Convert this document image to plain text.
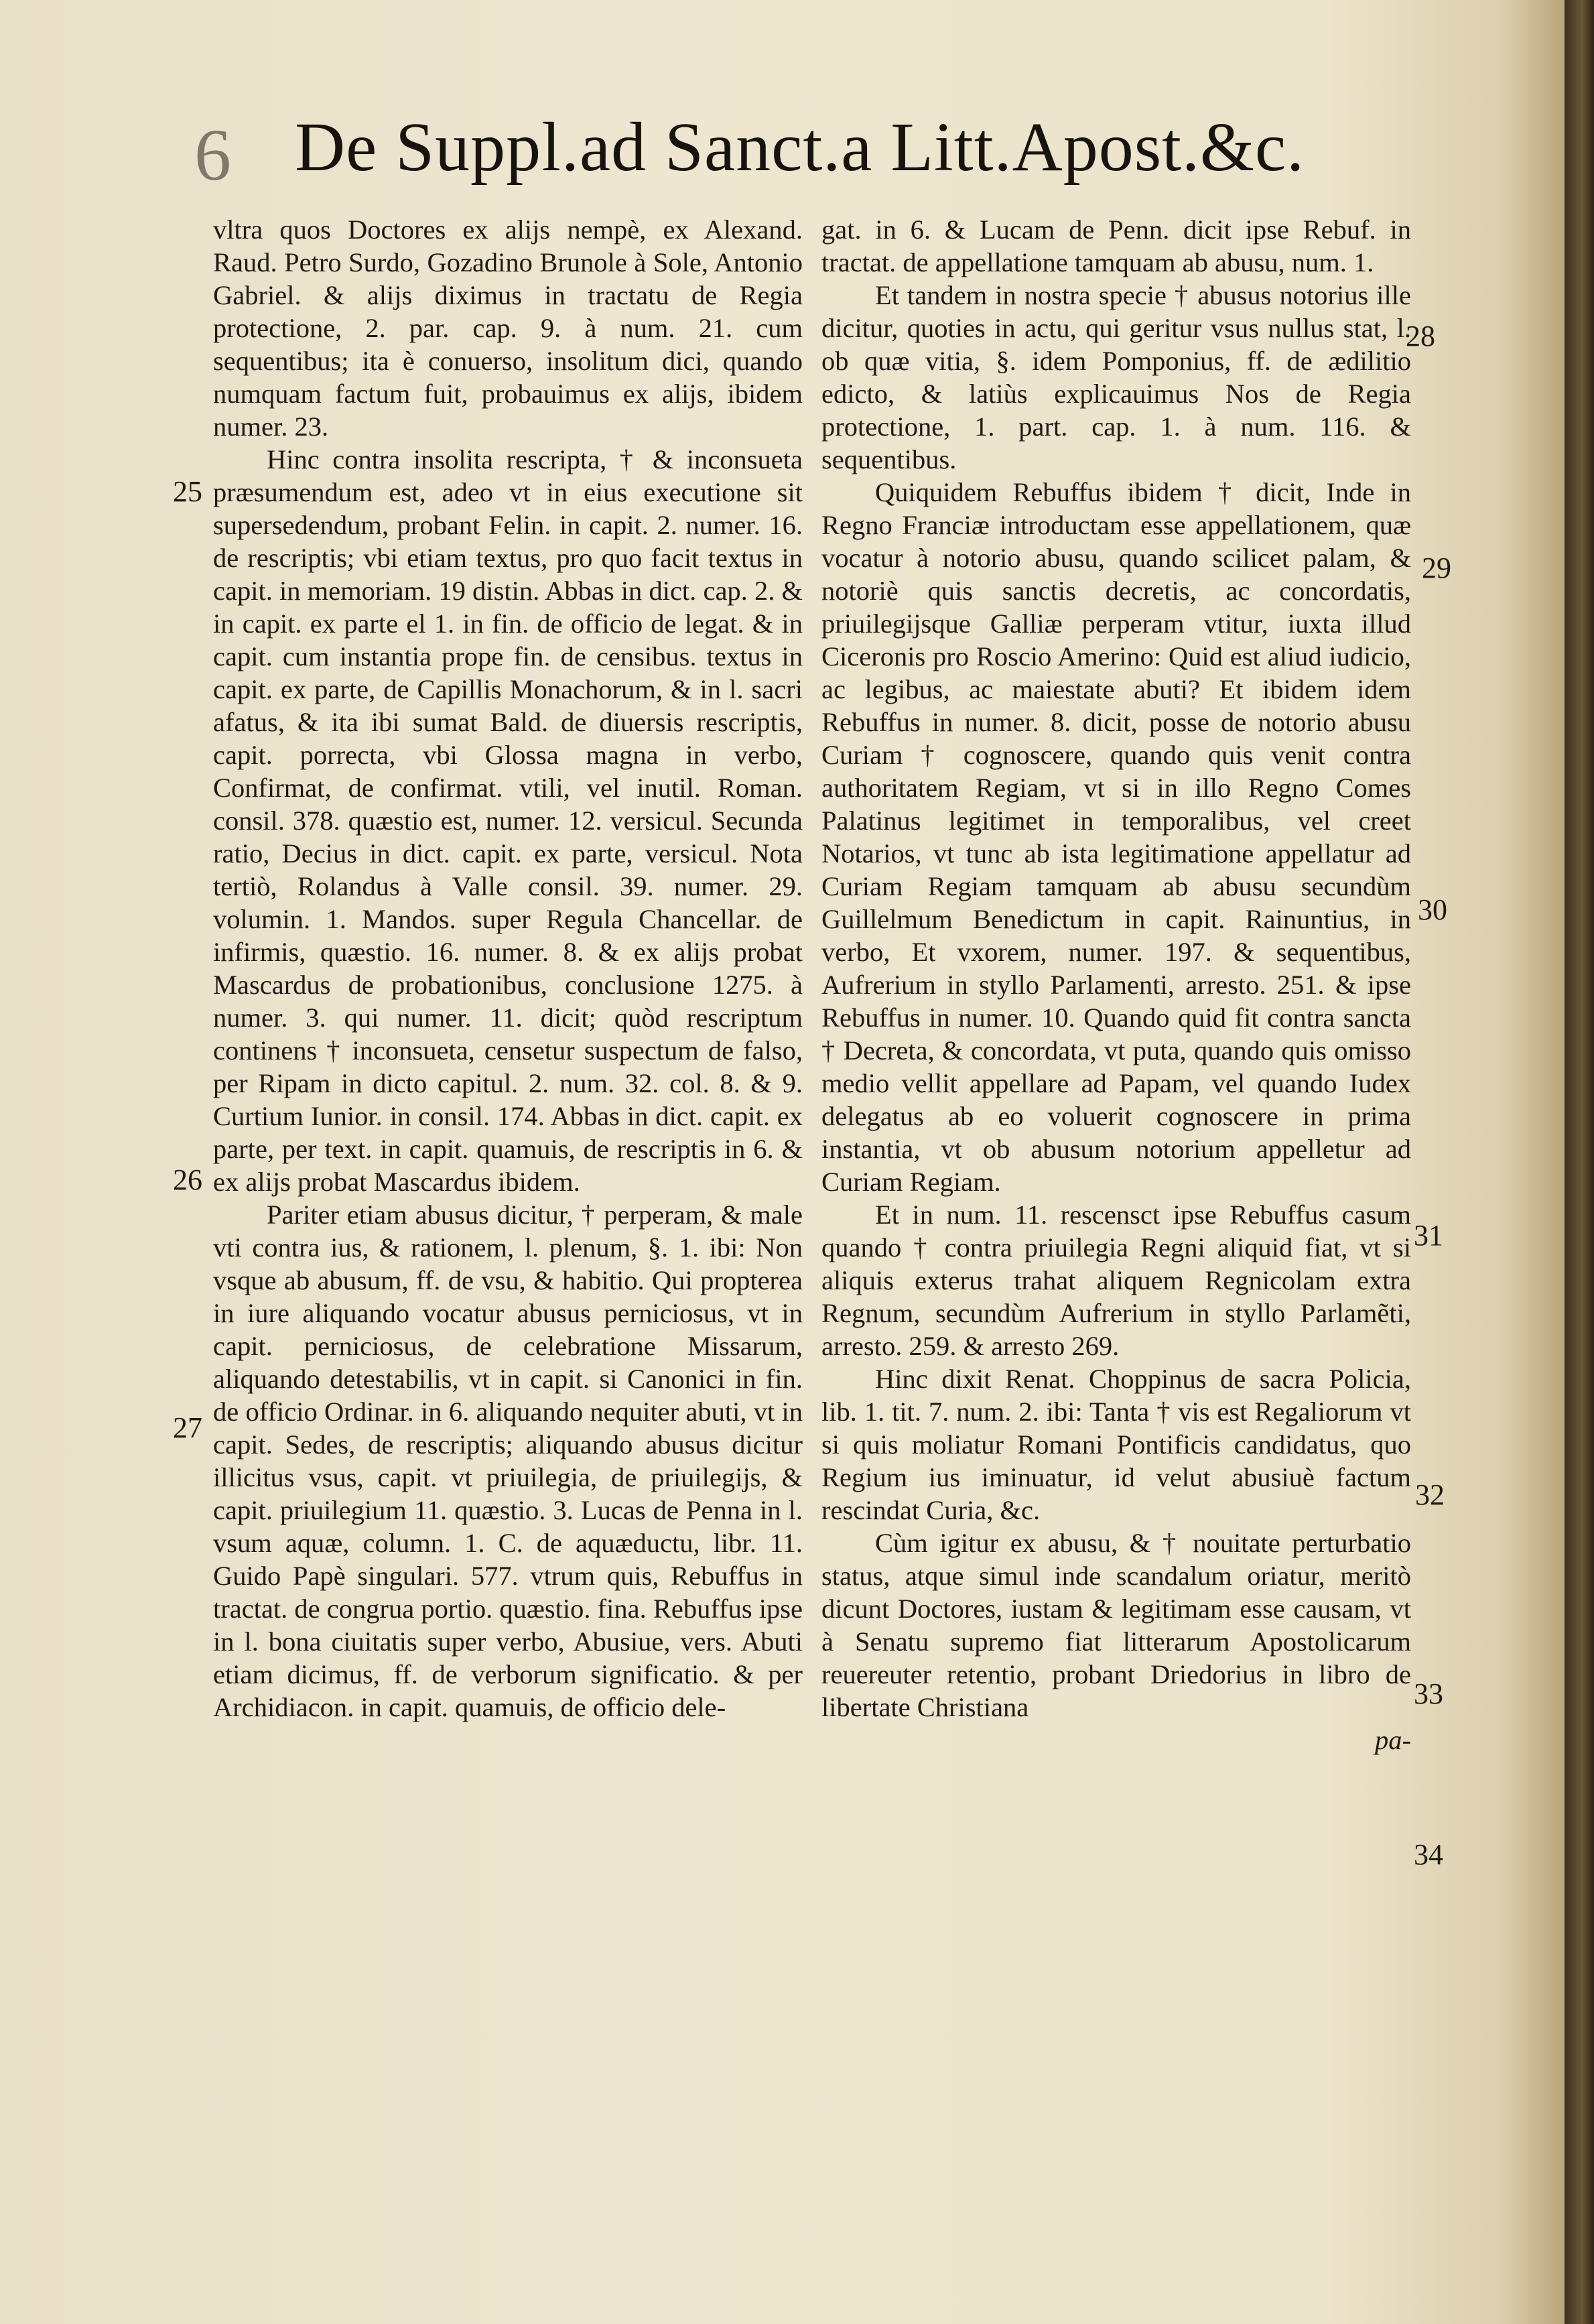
6 De Suppl.ad Sanct.a Litt.Apost.&c.

vltra quos Doctores ex alijs nempè, ex Alexand. Raud. Petro Surdo, Gozadino Brunole à Sole, Antonio Gabriel. & alijs diximus in tractatu de Regia protectione, 2. par. cap. 9. à num. 21. cum sequentibus; ita è conuerso, insolitum dici, quando numquam factum fuit, probauimus ex alijs, ibidem numer. 23.

Hinc contra insolita rescripta, † & inconsueta præsumendum est, adeo vt in eius executione sit supersedendum, probant Felin. in capit. 2. numer. 16. de rescriptis; vbi etiam textus, pro quo facit textus in capit. in memoriam. 19 distin. Abbas in dict. cap. 2. & in capit. ex parte el 1. in fin. de officio de legat. & in capit. cum instantia prope fin. de censibus. textus in capit. ex parte, de Capillis Monachorum, & in l. sacri afatus, & ita ibi sumat Bald. de diuersis rescriptis, capit. porrecta, vbi Glossa magna in verbo, Confirmat, de confirmat. vtili, vel inutil. Roman. consil. 378. quæstio est, numer. 12. versicul. Secunda ratio, Decius in dict. capit. ex parte, versicul. Nota tertiò, Rolandus à Valle consil. 39. numer. 29. volumin. 1. Mandos. super Regula Chancellar. de infirmis, quæstio. 16. numer. 8. & ex alijs probat Mascardus de probationibus, conclusione 1275. à numer. 3. qui numer. 11. dicit; quòd rescriptum continens † inconsueta, censetur suspectum de falso, per Ripam in dicto capitul. 2. num. 32. col. 8. & 9. Curtium Iunior. in consil. 174. Abbas in dict. capit. ex parte, per text. in capit. quamuis, de rescriptis in 6. & ex alijs probat Mascardus ibidem.

Pariter etiam abusus dicitur, † perperam, & male vti contra ius, & rationem, l. plenum, §. 1. ibi: Non vsque ab abusum, ff. de vsu, & habitio. Qui propterea in iure aliquando vocatur abusus perniciosus, vt in capit. perniciosus, de celebratione Missarum, aliquando detestabilis, vt in capit. si Canonici in fin. de officio Ordinar. in 6. aliquando nequiter abuti, vt in capit. Sedes, de rescriptis; aliquando abusus dicitur illicitus vsus, capit. vt priuilegia, de priuilegijs, & capit. priuilegium 11. quæstio. 3. Lucas de Penna in l. vsum aquæ, column. 1. C. de aquæductu, libr. 11. Guido Papè singulari. 577. vtrum quis, Rebuffus in tractat. de congrua portio. quæstio. fina. Rebuffus ipse in l. bona ciuitatis super verbo, Abusiue, vers. Abuti etiam dicimus, ff. de verborum significatio. & per Archidiacon. in capit. quamuis, de officio dele-

gat. in 6. & Lucam de Penn. dicit ipse Rebuf. in tractat. de appellatione tamquam ab abusu, num. 1.

Et tandem in nostra specie † abusus notorius ille dicitur, quoties in actu, qui geritur vsus nullus stat, l. ob quæ vitia, §. idem Pomponius, ff. de ædilitio edicto, & latiùs explicauimus Nos de Regia protectione, 1. part. cap. 1. à num. 116. & sequentibus.

Quiquidem Rebuffus ibidem † dicit, Inde in Regno Franciæ introductam esse appellationem, quæ vocatur à notorio abusu, quando scilicet palam, & notoriè quis sanctis decretis, ac concordatis, priuilegijsque Galliæ perperam vtitur, iuxta illud Ciceronis pro Roscio Amerino: Quid est aliud iudicio, ac legibus, ac maiestate abuti? Et ibidem idem Rebuffus in numer. 8. dicit, posse de notorio abusu Curiam † cognoscere, quando quis venit contra authoritatem Regiam, vt si in illo Regno Comes Palatinus legitimet in temporalibus, vel creet Notarios, vt tunc ab ista legitimatione appellatur ad Curiam Regiam tamquam ab abusu secundùm Guillelmum Benedictum in capit. Rainuntius, in verbo, Et vxorem, numer. 197. & sequentibus, Aufrerium in styllo Parlamenti, arresto. 251. & ipse Rebuffus in numer. 10. Quando quid fit contra sancta † Decreta, & concordata, vt puta, quando quis omisso medio vellit appellare ad Papam, vel quando Iudex delegatus ab eo voluerit cognoscere in prima instantia, vt ob abusum notorium appelletur ad Curiam Regiam.

Et in num. 11. rescensct ipse Rebuffus casum quando † contra priuilegia Regni aliquid fiat, vt si aliquis exterus trahat aliquem Regnicolam extra Regnum, secundùm Aufrerium in styllo Parlamẽti, arresto. 259. & arresto 269.

Hinc dixit Renat. Choppinus de sacra Policia, lib. 1. tit. 7. num. 2. ibi: Tanta † vis est Regaliorum vt si quis moliatur Romani Pontificis candidatus, quo Regium ius iminuatur, id velut abusiuè factum rescindat Curia, &c.

Cùm igitur ex abusu, & † nouitate perturbatio status, atque simul inde scandalum oriatur, meritò dicunt Doctores, iustam & legitimam esse causam, vt à Senatu supremo fiat litterarum Apostolicarum reuereuter retentio, probant Driedorius in libro de libertate Christiana

pa-

25
26
27
28
29
30
31
32
33
34
